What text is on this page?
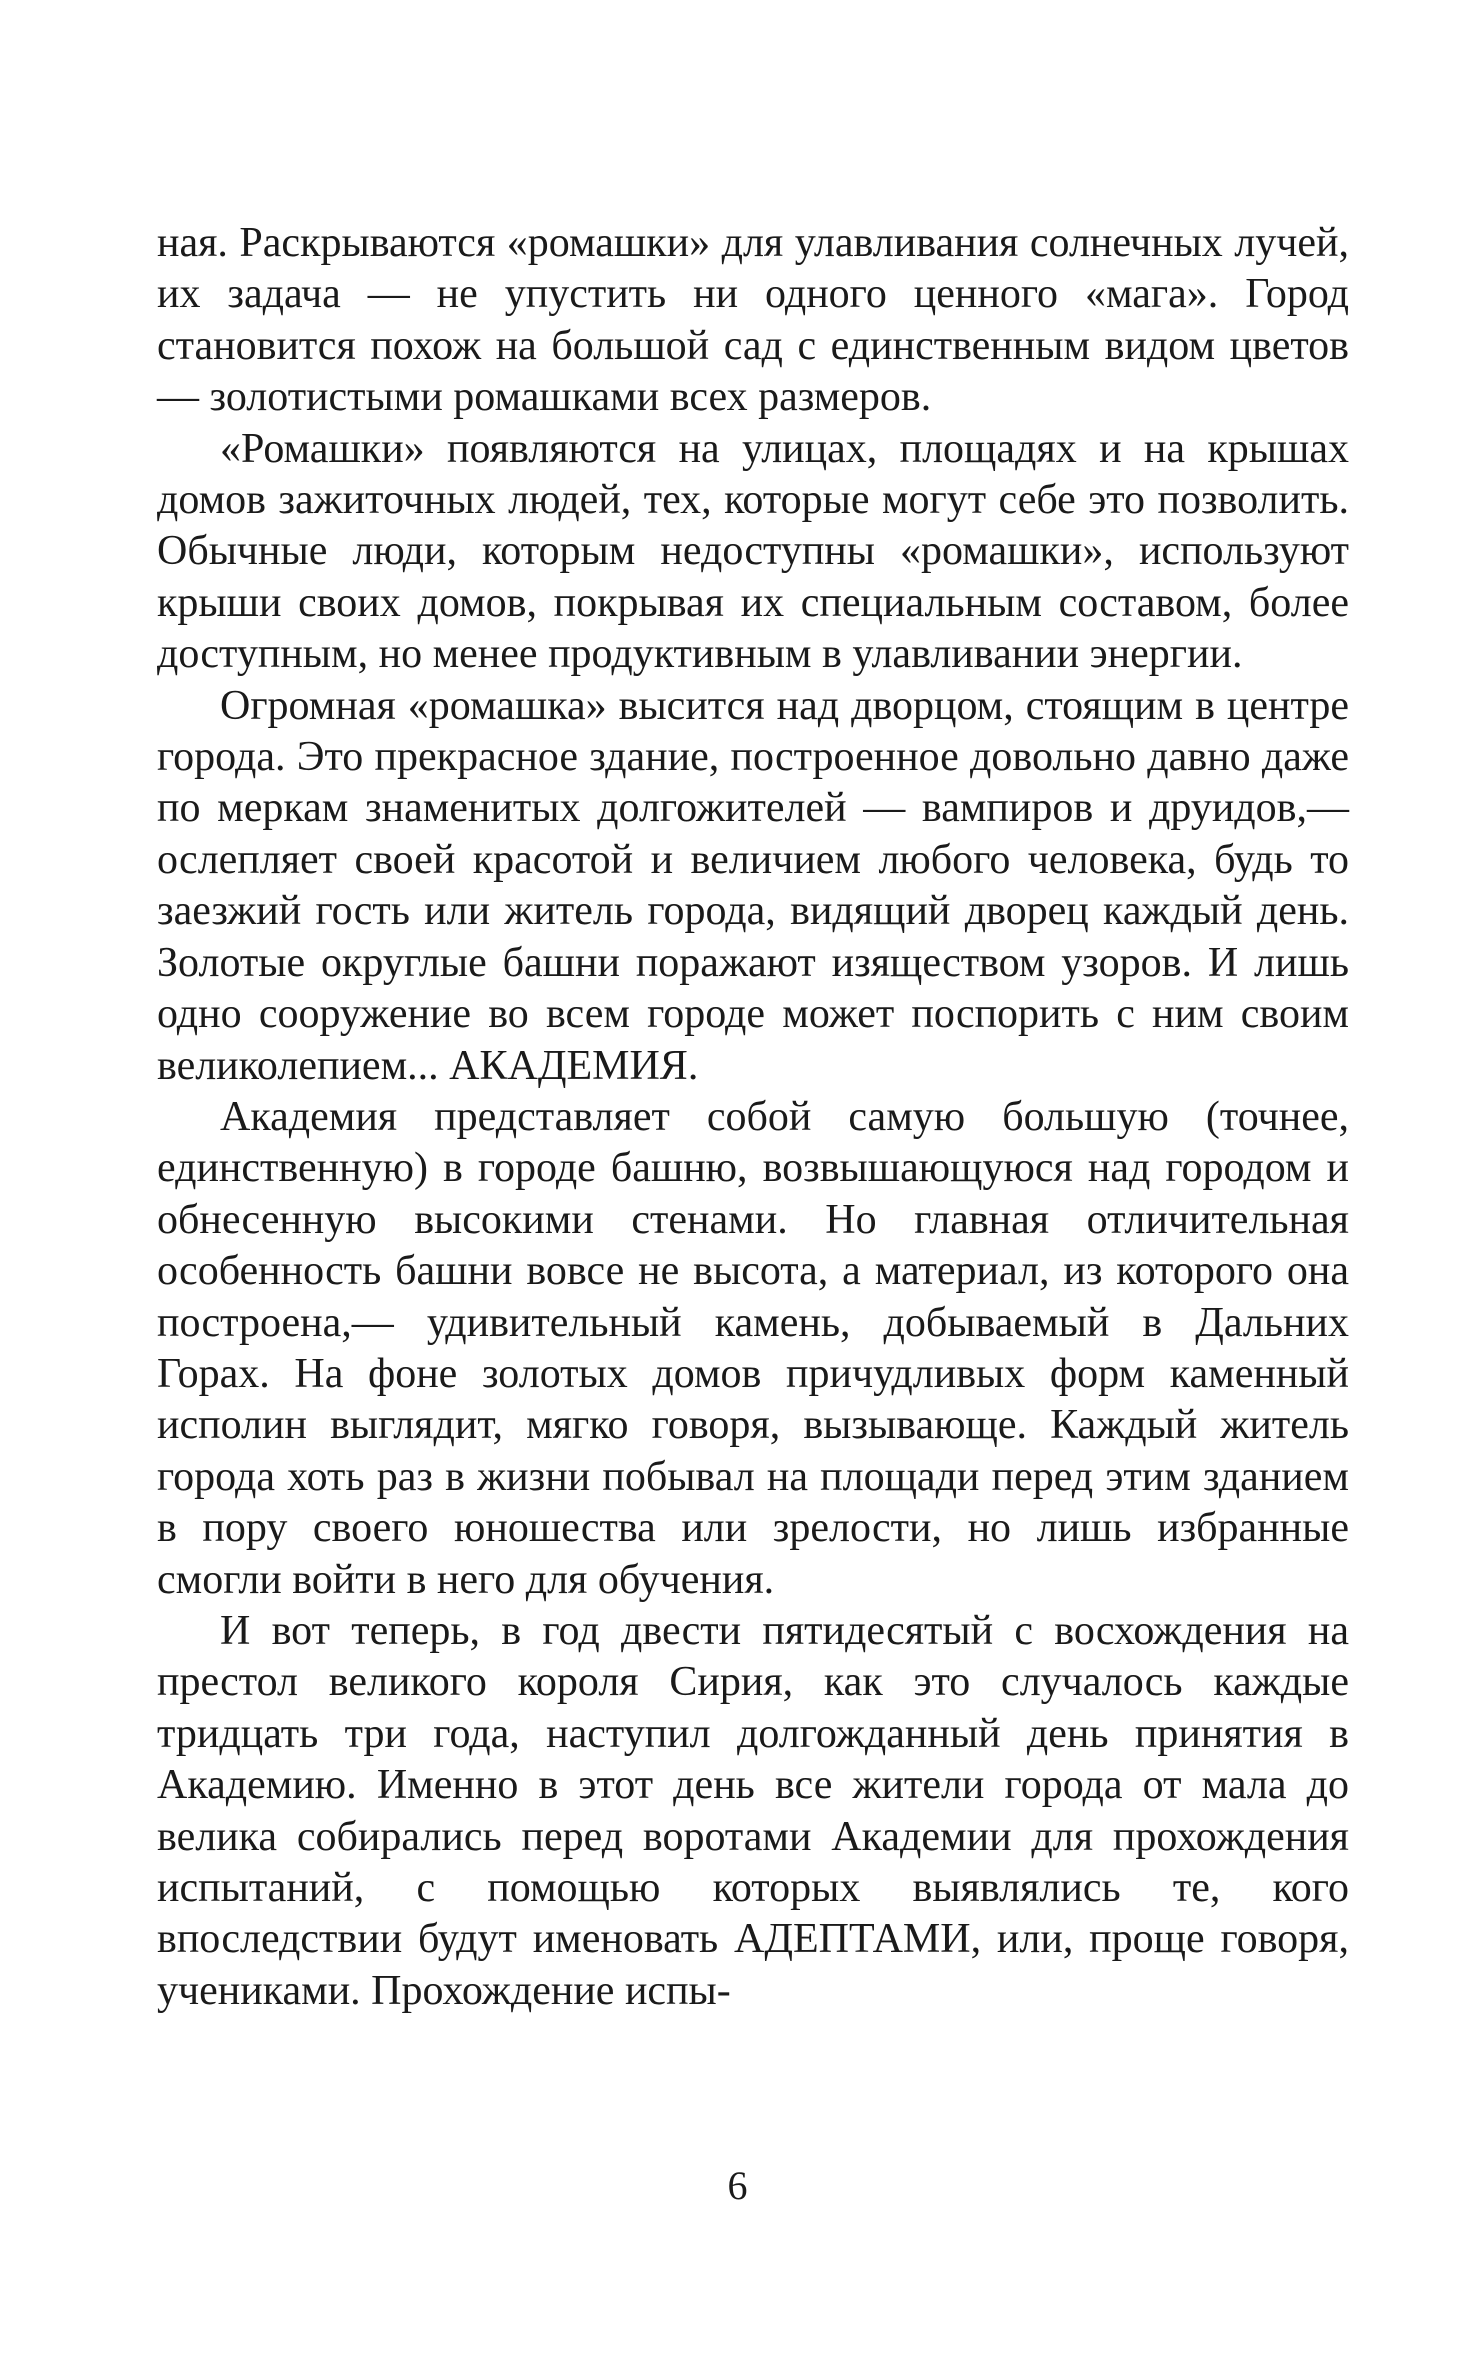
ная. Раскрываются «ромашки» для улавливания солнечных лучей, их задача — не упустить ни одного ценного «мага». Город становится похож на большой сад с единственным видом цветов — золотистыми ромашками всех размеров.

«Ромашки» появляются на улицах, площадях и на крышах домов зажиточных людей, тех, которые могут себе это позволить. Обычные люди, которым недоступны «ромашки», используют крыши своих домов, покрывая их специальным составом, более доступным, но менее продуктивным в улавливании энергии.

Огромная «ромашка» высится над дворцом, стоящим в центре города. Это прекрасное здание, построенное довольно давно даже по меркам знаменитых долгожителей — вампиров и друидов,— ослепляет своей красотой и величием любого человека, будь то заезжий гость или житель города, видящий дворец каждый день. Золотые округлые башни поражают изяществом узоров. И лишь одно сооружение во всем городе может поспорить с ним своим великолепием... АКАДЕМИЯ.

Академия представляет собой самую большую (точнее, единственную) в городе башню, возвышающуюся над городом и обнесенную высокими стенами. Но главная отличительная особенность башни вовсе не высота, а материал, из которого она построена,— удивительный камень, добываемый в Дальних Горах. На фоне золотых домов причудливых форм каменный исполин выглядит, мягко говоря, вызывающе. Каждый житель города хоть раз в жизни побывал на площади перед этим зданием в пору своего юношества или зрелости, но лишь избранные смогли войти в него для обучения.

И вот теперь, в год двести пятидесятый с восхождения на престол великого короля Сирия, как это случалось каждые тридцать три года, наступил долгожданный день принятия в Академию. Именно в этот день все жители города от мала до велика собирались перед воротами Академии для прохождения испытаний, с помощью которых выявлялись те, кого впоследствии будут именовать АДЕПТАМИ, или, проще говоря, учениками. Прохождение испы-

6
